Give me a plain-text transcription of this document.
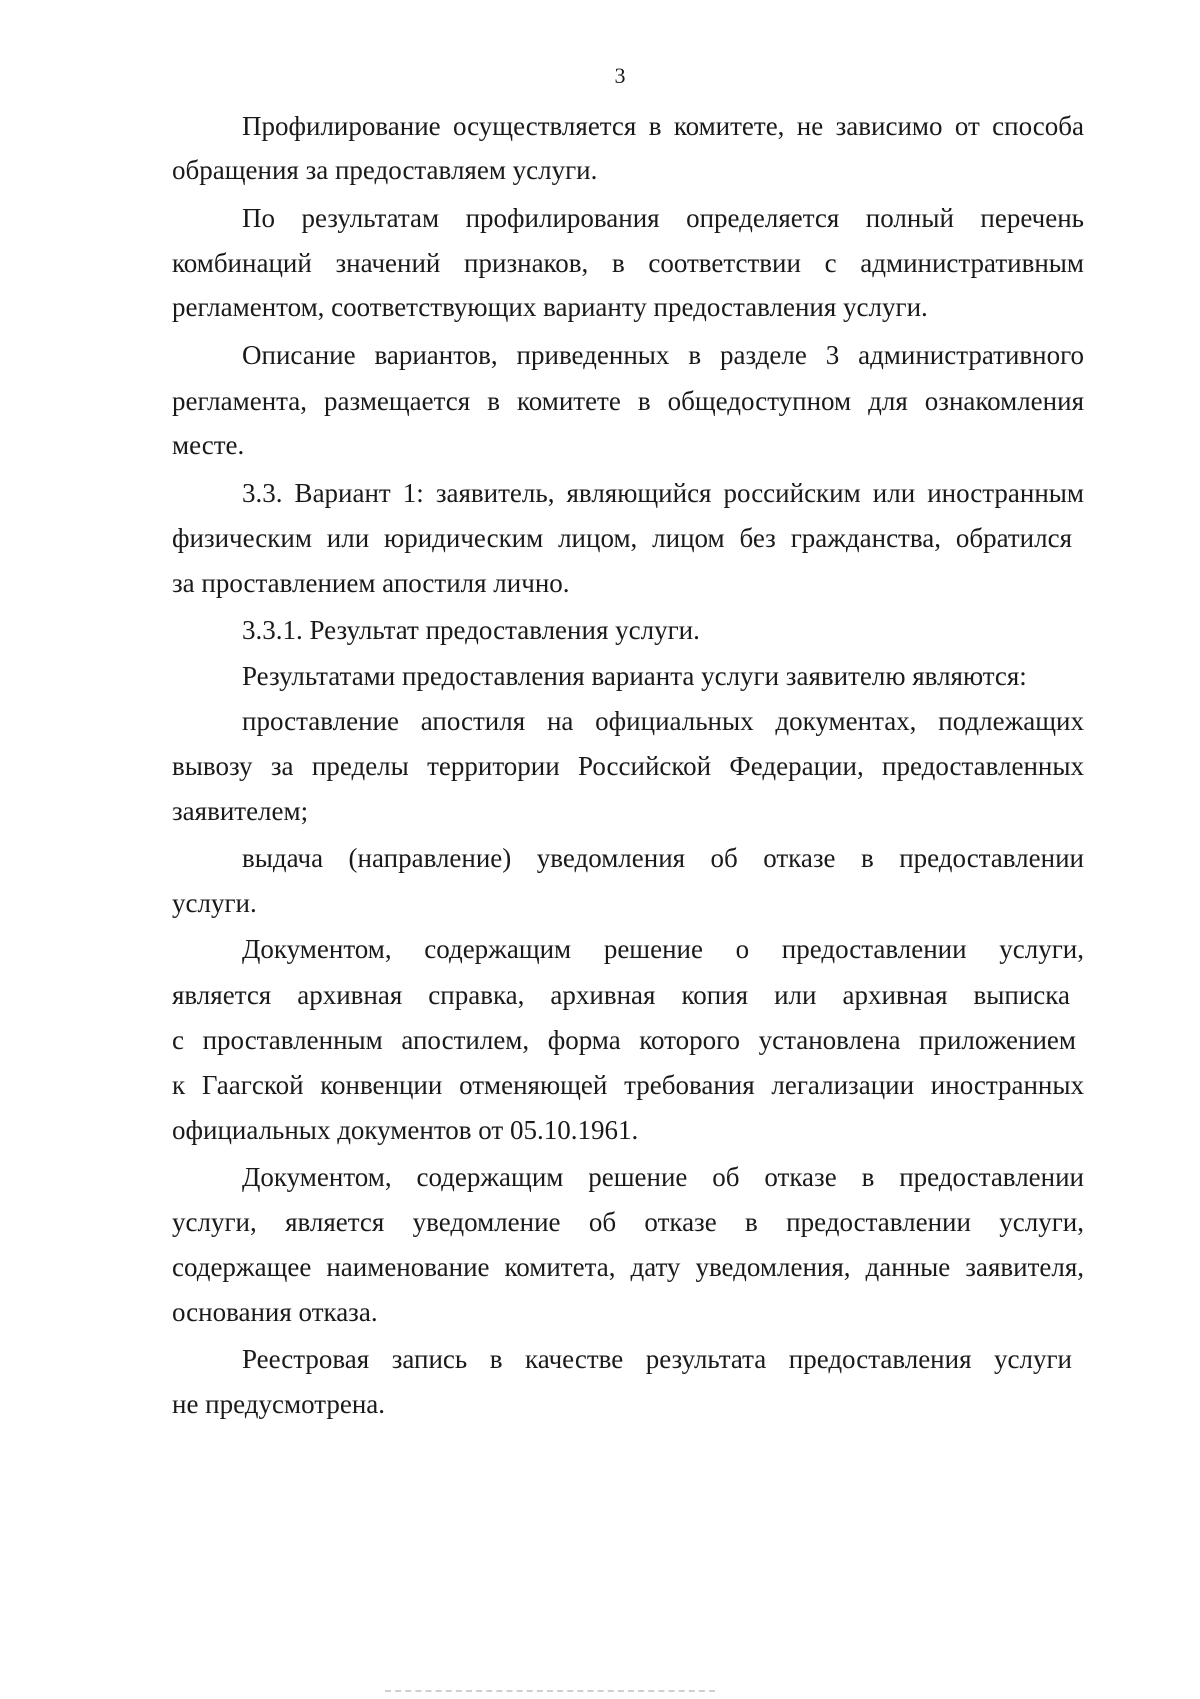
3
Профилирование осуществляется в комитете, не зависимо от способа
обращения за предоставляем услуги.
По результатам профилирования определяется полный перечень
комбинаций значений признаков, в соответствии с административным
регламентом, соответствующих варианту предоставления услуги.
Описание вариантов, приведенных в разделе 3 административного
регламента, размещается в комитете в общедоступном для ознакомления
месте.
3.3. Вариант 1: заявитель, являющийся российским или иностранным
физическим или юридическим лицом, лицом без гражданства, обратился
за проставлением апостиля лично.
3.3.1. Результат предоставления услуги.
Результатами предоставления варианта услуги заявителю являются:
проставление апостиля на официальных документах, подлежащих
вывозу за пределы территории Российской Федерации, предоставленных
заявителем;
выдача (направление) уведомления об отказе в предоставлении
услуги.
Документом, содержащим решение о предоставлении услуги,
является архивная справка, архивная копия или архивная выписка
с проставленным апостилем, форма которого установлена приложением
к Гаагской конвенции отменяющей требования легализации иностранных
официальных документов от 05.10.1961.
Документом, содержащим решение об отказе в предоставлении
услуги, является уведомление об отказе в предоставлении услуги,
содержащее наименование комитета, дату уведомления, данные заявителя,
основания отказа.
Реестровая запись в качестве результата предоставления услуги
не предусмотрена.
